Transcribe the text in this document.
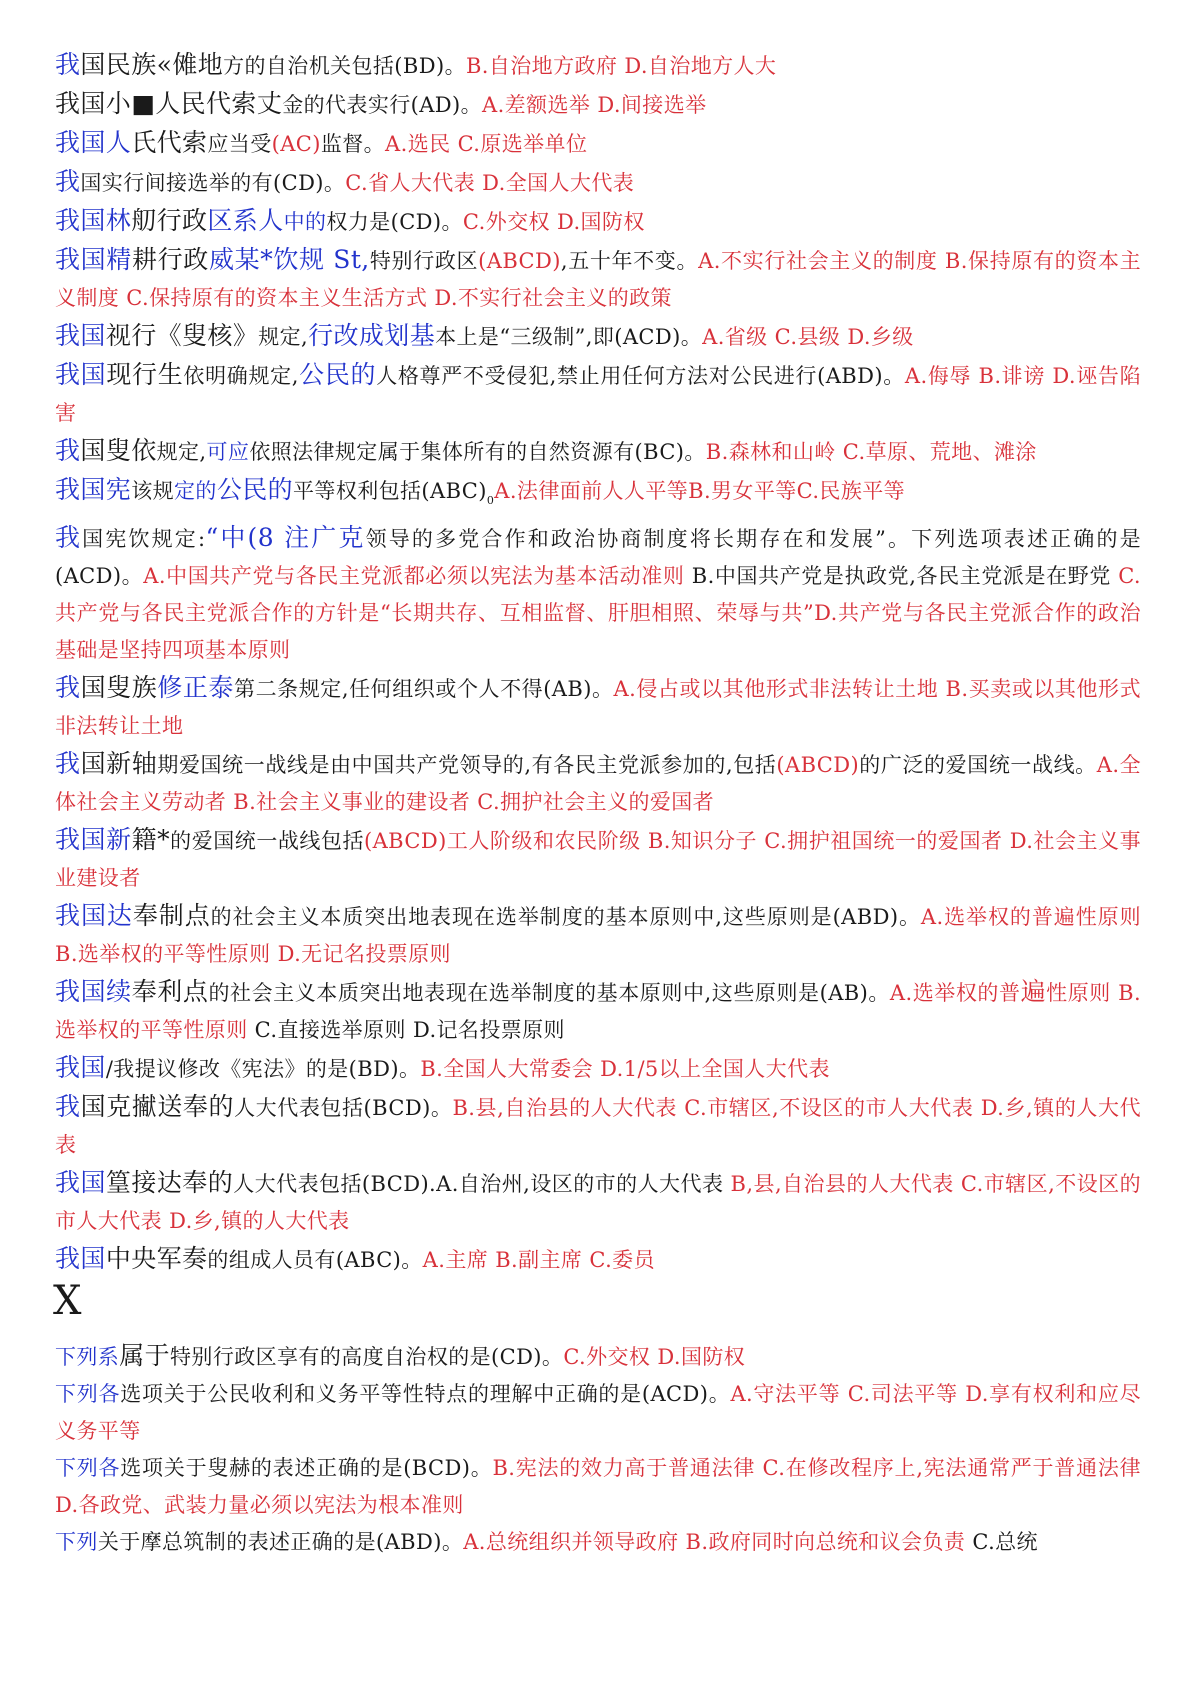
我国民族«傩地方的自治机关包括(BD)。B.自治地方政府 D.自治地方人大

我国小■人民代索丈金的代表实行(AD)。A.差额选举 D.间接选举

我国人氏代索应当受(AC)监督。A.选民 C.原选举单位

我国实行间接选举的有(CD)。C.省人大代表 D.全国人大代表

我国林舠行政区系人中的权力是(CD)。C.外交权 D.国防权

我国精耕行政威某*饮规 St,特别行政区(ABCD),五十年不变。A.不实行社会主义的制度 B.保持原有的资本主义制度 C.保持原有的资本主义生活方式 D.不实行社会主义的政策

我国视行《叟核》规定,行改成划基本上是“三级制”,即(ACD)。A.省级 C.县级 D.乡级

我国现行生依明确规定,公民的人格尊严不受侵犯,禁止用任何方法对公民进行(ABD)。A.侮辱 B.诽谤 D.诬告陷害

我国叟依规定,可应依照法律规定属于集体所有的自然资源有(BC)。B.森林和山岭 C.草原、荒地、滩涂

我国宪该规定的公民的平等权利包括$(ABC)_0A$.法律面前人人平等B.男女平等C.民族平等

我国宪饮规定:“中(8 注广克领导的多党合作和政治协商制度将长期存在和发展”。下列选项表述正确的是(ACD)。A.中国共产党与各民主党派都必须以宪法为基本活动准则 B.中国共产党是执政党,各民主党派是在野党 C.共产党与各民主党派合作的方针是“长期共存、互相监督、肝胆相照、荣辱与共”D.共产党与各民主党派合作的政治基础是坚持四项基本原则

我国叟族修正泰第二条规定,任何组织或个人不得(AB)。A.侵占或以其他形式非法转让土地 B.买卖或以其他形式非法转让土地

我国新轴期爱国统一战线是由中国共产党领导的,有各民主党派参加的,包括(ABCD)的广泛的爱国统一战线。A.全体社会主义劳动者 B.社会主义事业的建设者 C.拥护社会主义的爱国者

我国新籍*的爱国统一战线包括(ABCD)工人阶级和农民阶级 B.知识分子 C.拥护祖国统一的爱国者 D.社会主义事业建设者

我国达奉制点的社会主义本质突出地表现在选举制度的基本原则中,这些原则是(ABD)。A.选举权的普遍性原则 B.选举权的平等性原则 D.无记名投票原则

我国续奉利点的社会主义本质突出地表现在选举制度的基本原则中,这些原则是(AB)。A.选举权的普遍性原则 B.选举权的平等性原则 C.直接选举原则 D.记名投票原则

我国/我提议修改《宪法》的是(BD)。B.全国人大常委会 D.1/5以上全国人大代表

我国克擜送奉的人大代表包括(BCD)。B.县,自治县的人大代表 C.市辖区,不设区的市人大代表 D.乡,镇的人大代表

我国篁接达奉的人大代表包括(BCD).A.自治州,设区的市的人大代表 B,县,自治县的人大代表 C.市辖区,不设区的市人大代表 D.乡,镇的人大代表

我国中央军奏的组成人员有(ABC)。A.主席 B.副主席 C.委员

X

下列系属于特别行政区享有的高度自治权的是(CD)。C.外交权 D.国防权

下列各选项关于公民收利和义务平等性特点的理解中正确的是(ACD)。A.守法平等 C.司法平等 D.享有权利和应尽义务平等

下列各选项关于叟赫的表述正确的是(BCD)。B.宪法的效力高于普通法律 C.在修改程序上,宪法通常严于普通法律 D.各政党、武装力量必须以宪法为根本准则

下列关于摩总筑制的表述正确的是(ABD)。A.总统组织并领导政府 B.政府同时向总统和议会负责 C.总统
